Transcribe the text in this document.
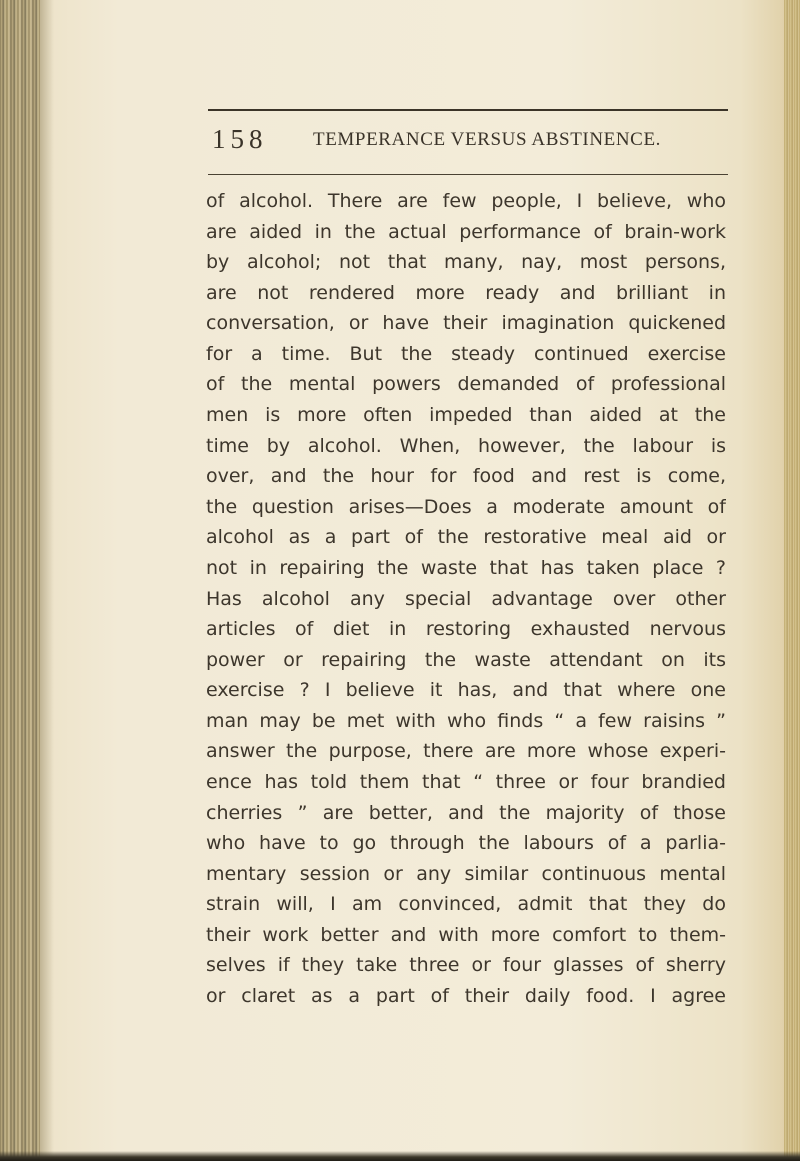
158 TEMPERANCE VERSUS ABSTINENCE.
of alcohol. There are few people, I believe, who
are aided in the actual performance of brain-work
by alcohol; not that many, nay, most persons,
are not rendered more ready and brilliant in
conversation, or have their imagination quickened
for a time. But the steady continued exercise
of the mental powers demanded of professional
men is more often impeded than aided at the
time by alcohol. When, however, the labour is
over, and the hour for food and rest is come,
the question arises—Does a moderate amount of
alcohol as a part of the restorative meal aid or
not in repairing the waste that has taken place ?
Has alcohol any special advantage over other
articles of diet in restoring exhausted nervous
power or repairing the waste attendant on its
exercise ? I believe it has, and that where one
man may be met with who finds “ a few raisins ”
answer the purpose, there are more whose experi-
ence has told them that “ three or four brandied
cherries ” are better, and the majority of those
who have to go through the labours of a parlia-
mentary session or any similar continuous mental
strain will, I am convinced, admit that they do
their work better and with more comfort to them-
selves if they take three or four glasses of sherry
or claret as a part of their daily food. I agree
